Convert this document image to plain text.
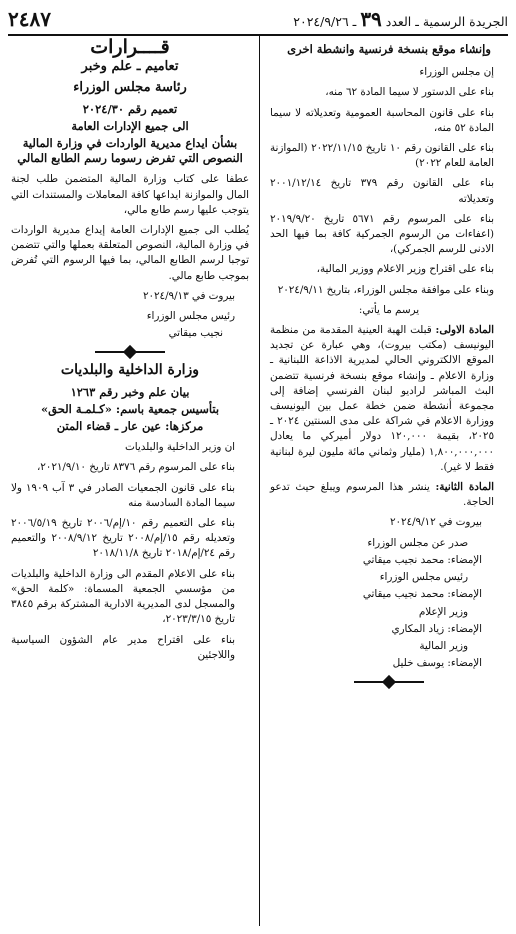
الجريدة الرسمية ـ العدد ٣٩ ـ ٢٠٢٤/٩/٢٦
٢٤٨٧
وإنشاء موقع بنسخة فرنسية وانشطة اخرى

إن مجلس الوزراء

بناء على الدستور لا سيما المادة ٦٢ منه،

بناء على قانون المحاسبة العمومية وتعديلاته لا سيما المادة ٥٢ منه،

بناء على القانون رقم ١٠ تاريخ ٢٠٢٢/١١/١٥ (الموازنة العامة للعام ٢٠٢٢)

بناء على القانون رقم ٣٧٩ تاريخ ٢٠٠١/١٢/١٤ وتعديلاته

بناء على المرسوم رقم ٥٦٧١ تاريخ ٢٠١٩/٩/٢٠ (اعفاءات من الرسوم الجمركية كافة بما فيها الحد الادنى للرسم الجمركي)،

بناء على اقتراح وزير الاعلام ووزير المالية،

وبناء على موافقة مجلس الوزراء، بتاريخ ٢٠٢٤/٩/١١

يرسم ما يأتي:

المادة الاولى: قبلت الهبة العينية المقدمة من منظمة اليونيسف (مكتب بيروت)، وهي عبارة عن تجديد الموقع الالكتروني الحالي لمديرية الاذاعة اللبنانية ـ وزارة الاعلام ـ وإنشاء موقع بنسخة فرنسية تتضمن البث المباشر لراديو لبنان الفرنسي إضافة إلى مجموعة أنشطة ضمن خطة عمل بين اليونيسف ووزارة الاعلام في شراكة على مدى السنتين ٢٠٢٤ ـ ٢٠٢٥، بقيمة ١٢٠,٠٠٠ دولار أميركي ما يعادل ١,٨٠٠,٠٠٠,٠٠٠ (مليار وثماني مائة مليون ليرة لبنانية فقط لا غير).

المادة الثانية: ينشر هذا المرسوم ويبلغ حيث تدعو الحاجة.

بيروت في ٢٠٢٤/٩/١٢

صدر عن مجلس الوزراء

الإمضاء: محمد نجيب ميقاتي

رئيس مجلس الوزراء

الإمضاء: محمد نجيب ميقاتي

وزير الإعلام

الإمضاء: زياد المكاري

وزير المالية

الإمضاء: يوسف خليل

قــــرارات
تعاميم ـ علم وخبر
رئاسة مجلس الوزراء
تعميم رقم ٢٠٢٤/٣٠
الى جميع الإدارات العامة
بشأن ايداع مديرية الواردات في وزارة المالية النصوص التي تفرض رسوما رسم الطابع المالي

عطفا على كتاب وزارة المالية المتضمن طلب لجنة المال والموازنة ايداعها كافة المعاملات والمستندات التي يتوجب عليها رسم طابع مالي،

يُطلب الى جميع الإدارات العامة إيداع مديرية الواردات في وزارة المالية، النصوص المتعلقة بعملها والتي تتضمن توجبا لرسم الطابع المالي، بما فيها الرسوم التي تُفرض بموجب طابع مالي.

بيروت في ٢٠٢٤/٩/١٣

رئيس مجلس الوزراء

نجيب ميقاتي

وزارة الداخلية والبلديات
بيان علم وخبر رقم ١٢٦٣
بتأسيس جمعية باسم: «كـلمـة الحق»
مركزها: عين عار ـ قضاء المتن

ان وزير الداخلية والبلديات

بناء على المرسوم رقم ٨٣٧٦ تاريخ ٢٠٢١/٩/١٠،

بناء على قانون الجمعيات الصادر في ٣ آب ١٩٠٩ ولا سيما المادة السادسة منه

بناء على التعميم رقم ١٠/إم/٢٠٠٦ تاريخ ٢٠٠٦/٥/١٩ وتعديله رقم ١٥/إم/٢٠٠٨ تاريخ ٢٠٠٨/٩/١٢ والتعميم رقم ٢٤/إم/٢٠١٨ تاريخ ٢٠١٨/١١/٨

بناء على الاعلام المقدم الى وزارة الداخلية والبلديات من مؤسسي الجمعية المسماة: «كلمة الحق» والمسجل لدى المديرية الادارية المشتركة برقم ٣٨٤٥ تاريخ ٢٠٢٣/٣/١٥،

بناء على اقتراح مدير عام الشؤون السياسية واللاجئين
